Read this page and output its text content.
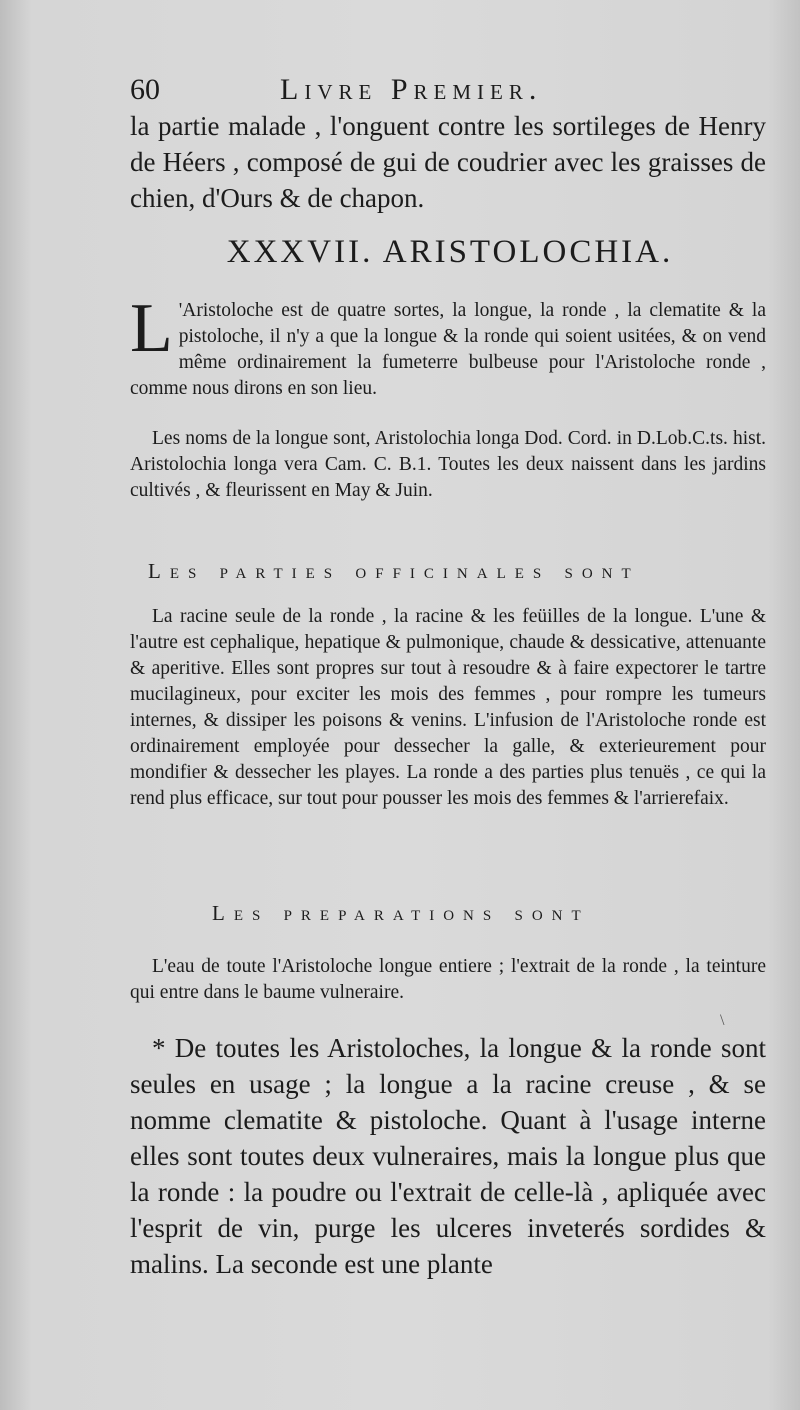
60	Livre Premier.
la partie malade , l'onguent contre les sortileges de Henry de Héers , composé de gui de coudrier avec les graisses de chien, d'Ours & de chapon.
XXXVII. ARISTOLOCHIA.
L 'Aristoloche est de quatre sortes, la longue, la ronde , la clematite & la pistoloche, il n'y a que la longue & la ronde qui soient usitées, & on vend même ordinairement la fumeterre bulbeuse pour l'Aristoloche ronde , comme nous dirons en son lieu.
Les noms de la longue sont, Aristolochia longa Dod. Cord. in D.Lob.C.ts. hist. Aristolochia longa vera Cam. C. B.1. Toutes les deux naissent dans les jardins cultivés , & fleurissent en May & Juin.
Les parties officinales sont
La racine seule de la ronde , la racine & les feüilles de la longue. L'une & l'autre est cephalique, hepatique & pulmonique, chaude & dessicative, attenuante & aperitive. Elles sont propres sur tout à resoudre & à faire expectorer le tartre mucilagineux, pour exciter les mois des femmes , pour rompre les tumeurs internes, & dissiper les poisons & venins. L'infusion de l'Aristoloche ronde est ordinairement employée pour dessecher la galle, & exterieurement pour mondifier & dessecher les playes. La ronde a des parties plus tenuës , ce qui la rend plus efficace, sur tout pour pousser les mois des femmes & l'arrierefaix.
Les preparations sont
L'eau de toute l'Aristoloche longue entiere ; l'extrait de la ronde , la teinture qui entre dans le baume vulneraire.
\
* De toutes les Aristoloches, la longue & la ronde sont seules en usage ; la longue a la racine creuse , & se nomme clematite & pistoloche. Quant à l'usage interne elles sont toutes deux vulneraires, mais la longue plus que la ronde : la poudre ou l'extrait de celle-là , apliquée avec l'esprit de vin, purge les ulceres inveterés sordides & malins. La seconde est une plante
